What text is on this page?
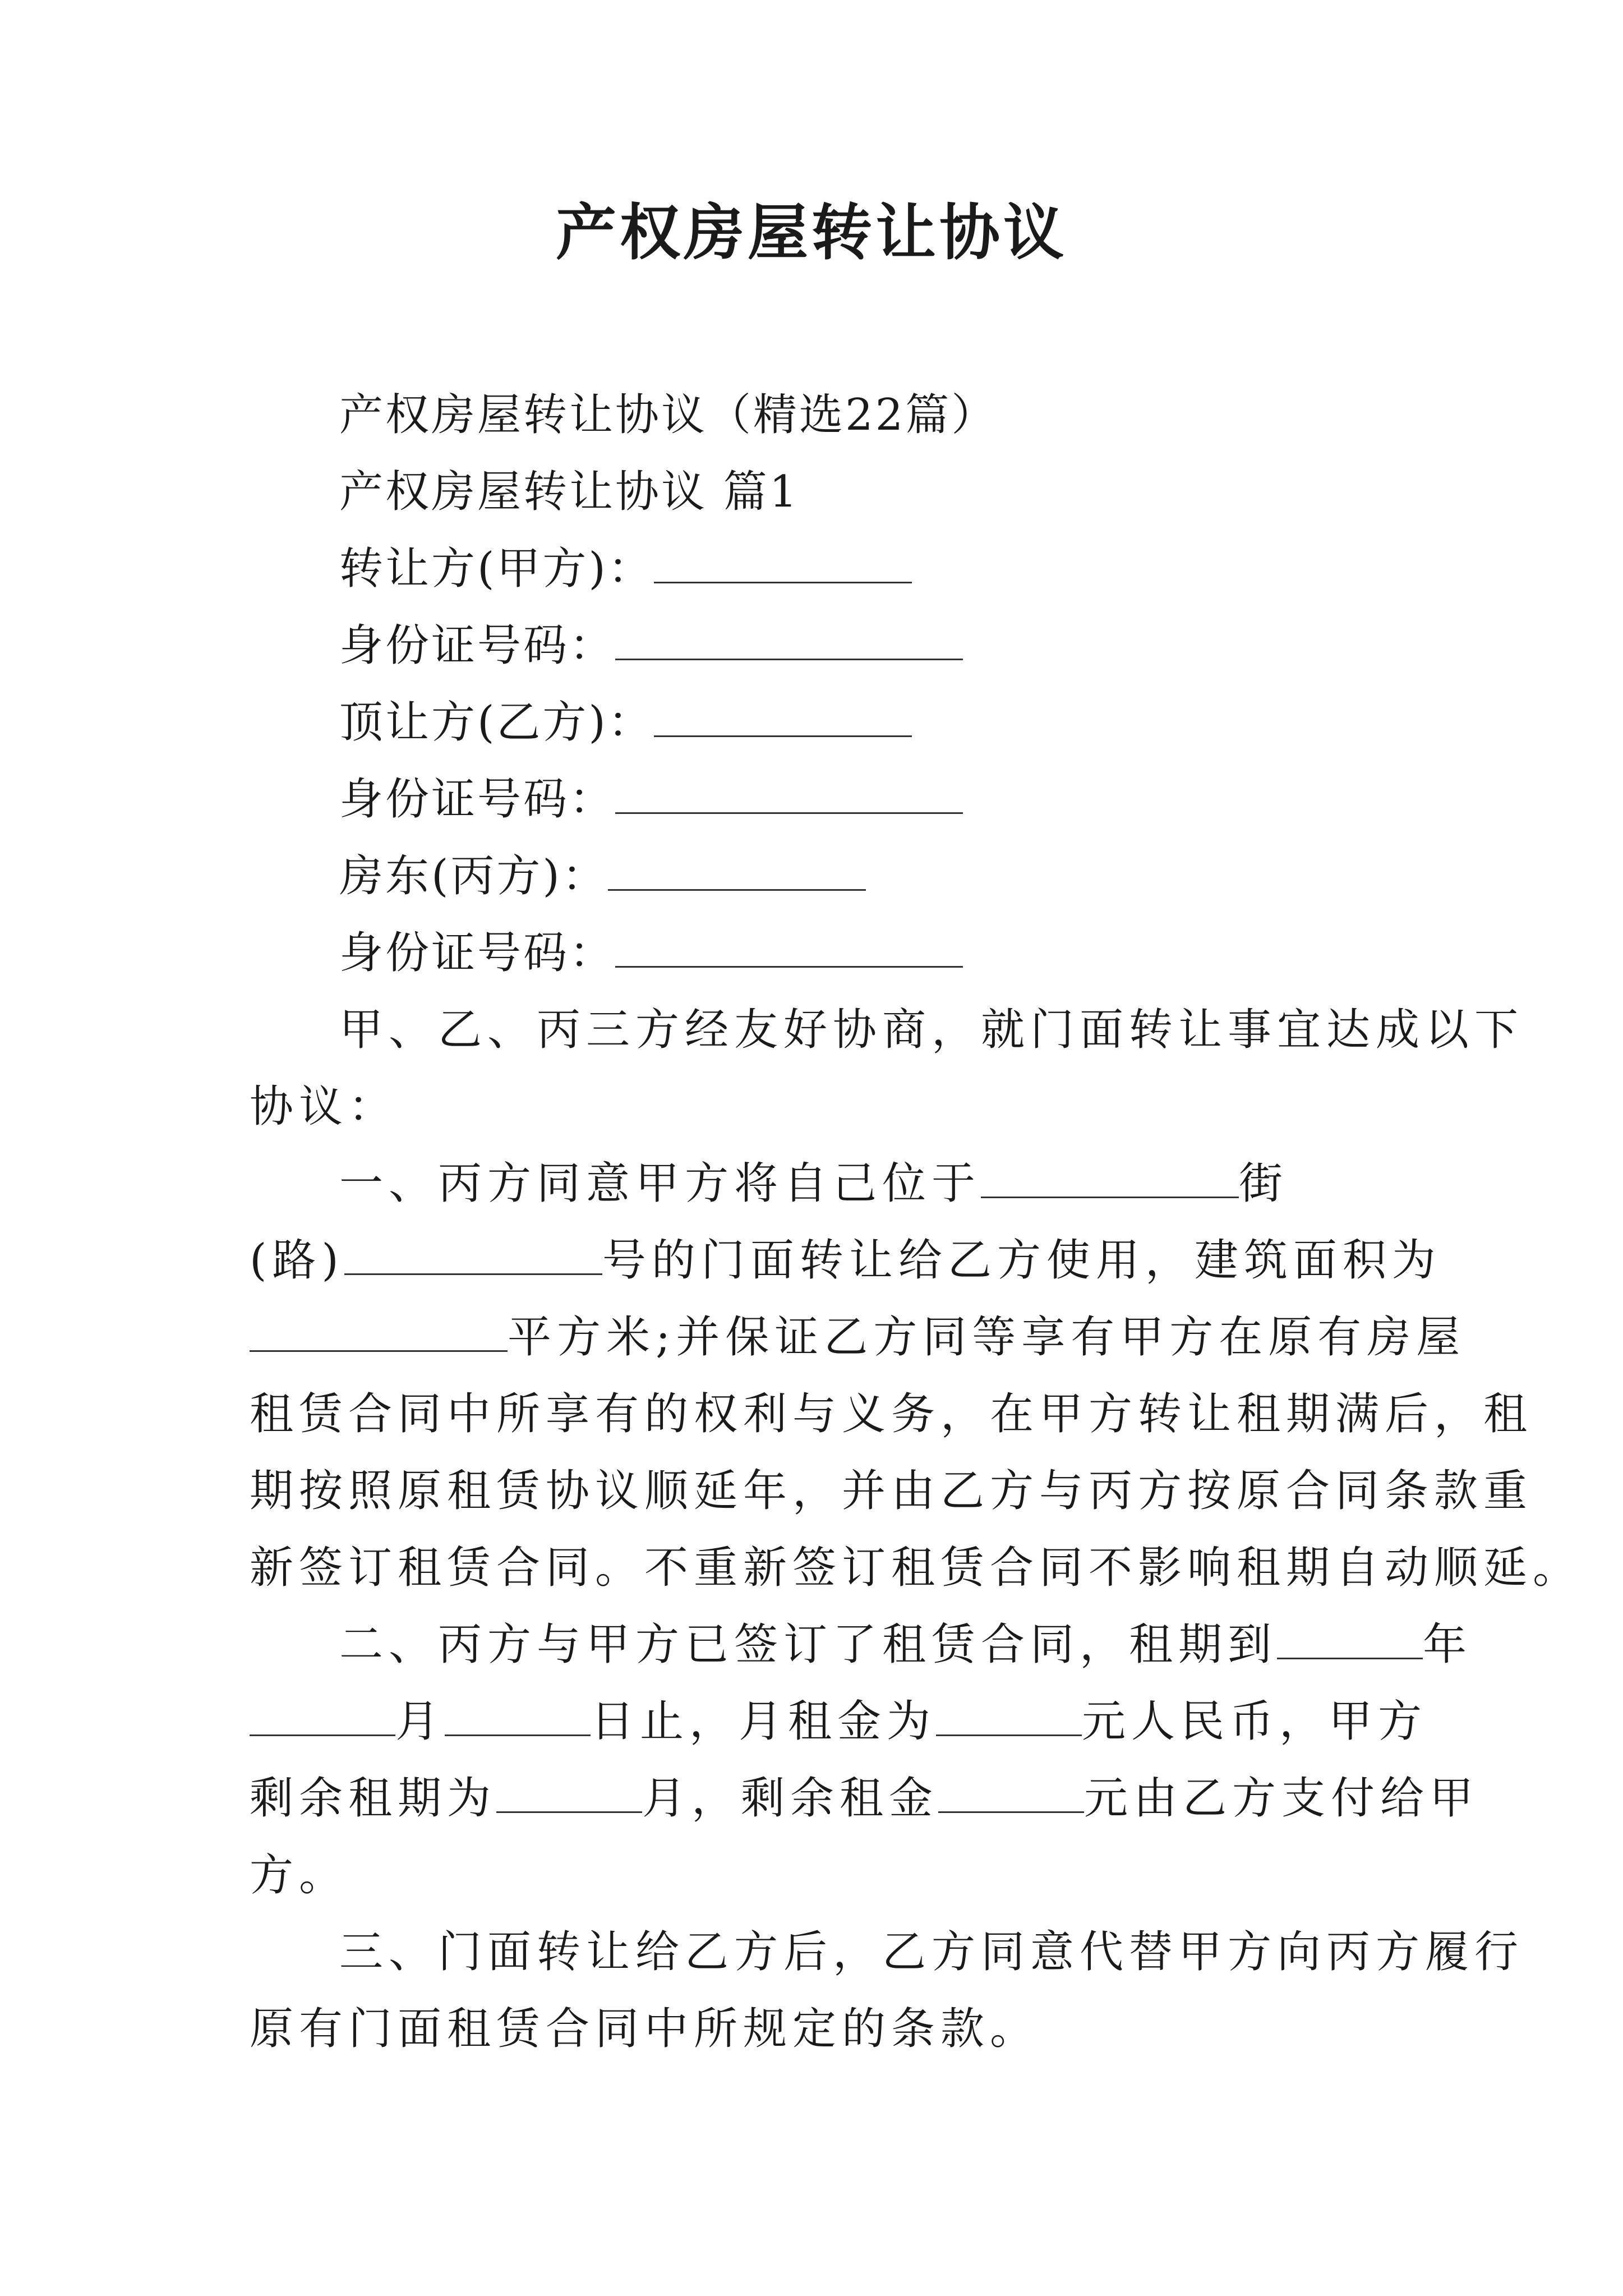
产权房屋转让协议
产权房屋转让协议（精选22篇）
产权房屋转让协议 篇1
转让方(甲方)：
身份证号码：
顶让方(乙方)：
身份证号码：
房东(丙方)：
身份证号码：
甲、乙、丙三方经友好协商，就门面转让事宜达成以下
协议：
一、丙方同意甲方将自己位于	街
(路)	号的门面转让给乙方使用，建筑面积为
平方米;并保证乙方同等享有甲方在原有房屋
租赁合同中所享有的权利与义务，在甲方转让租期满后，租
期按照原租赁协议顺延年，并由乙方与丙方按原合同条款重
新签订租赁合同。不重新签订租赁合同不影响租期自动顺延。
二、丙方与甲方已签订了租赁合同，租期到	年
月	日止，月租金为	元人民币，甲方
剩余租期为	月，剩余租金	元由乙方支付给甲
方。
三、门面转让给乙方后，乙方同意代替甲方向丙方履行
原有门面租赁合同中所规定的条款。
